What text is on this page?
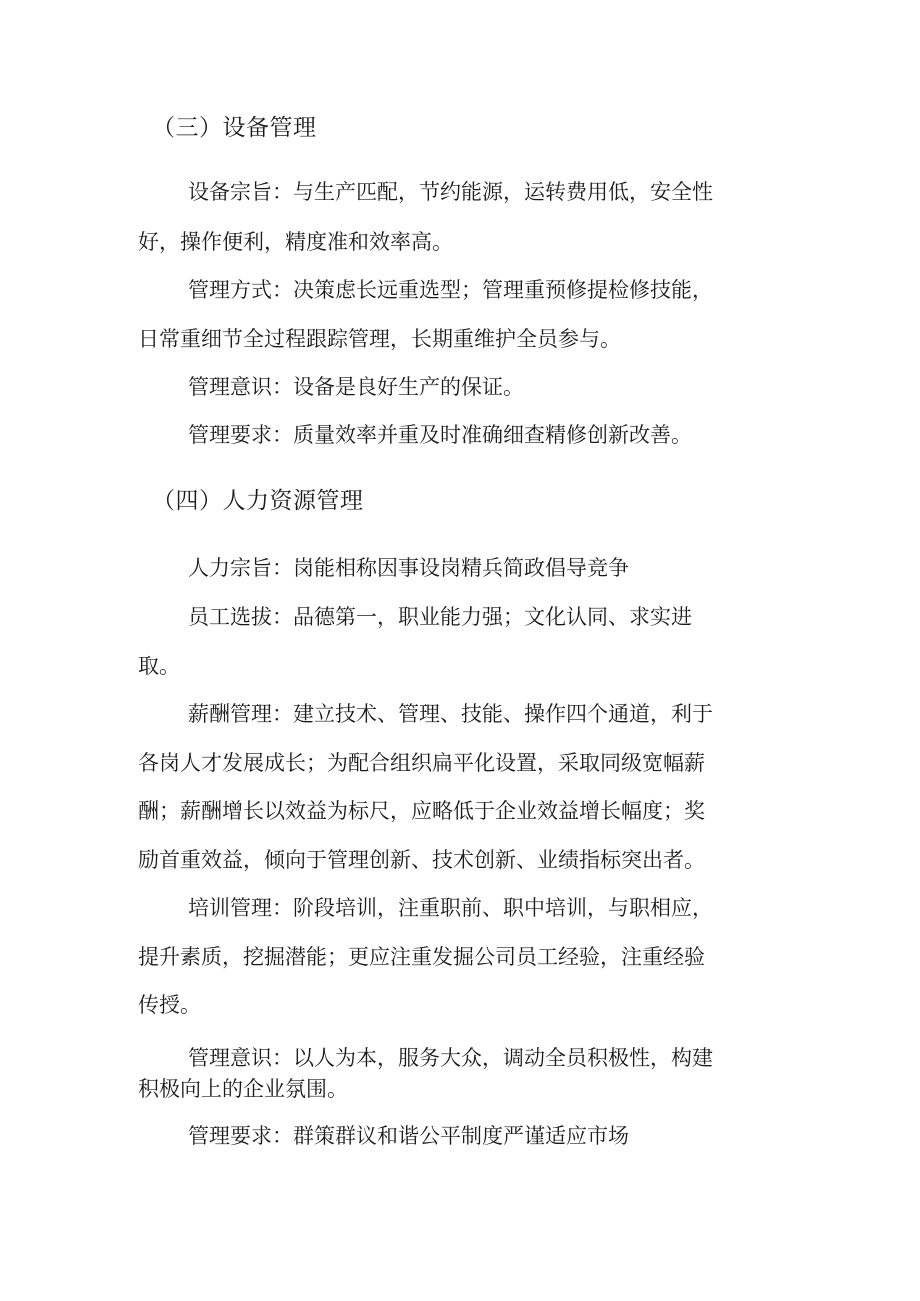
（三）设备管理
设备宗旨：与生产匹配，节约能源，运转费用低，安全性
好，操作便利，精度准和效率高。
管理方式：决策虑长远重选型；管理重预修提检修技能，
日常重细节全过程跟踪管理，长期重维护全员参与。
管理意识：设备是良好生产的保证。
管理要求：质量效率并重及时准确细查精修创新改善。
（四）人力资源管理
人力宗旨：岗能相称因事设岗精兵简政倡导竞争
员工选拔：品德第一，职业能力强；文化认同、求实进
取。
薪酬管理：建立技术、管理、技能、操作四个通道，利于
各岗人才发展成长；为配合组织扁平化设置，采取同级宽幅薪
酬；薪酬增长以效益为标尺，应略低于企业效益增长幅度；奖
励首重效益，倾向于管理创新、技术创新、业绩指标突出者。
培训管理：阶段培训，注重职前、职中培训，与职相应，
提升素质，挖掘潜能；更应注重发掘公司员工经验，注重经验
传授。
管理意识：以人为本，服务大众，调动全员积极性，构建
积极向上的企业氛围。
管理要求：群策群议和谐公平制度严谨适应市场
